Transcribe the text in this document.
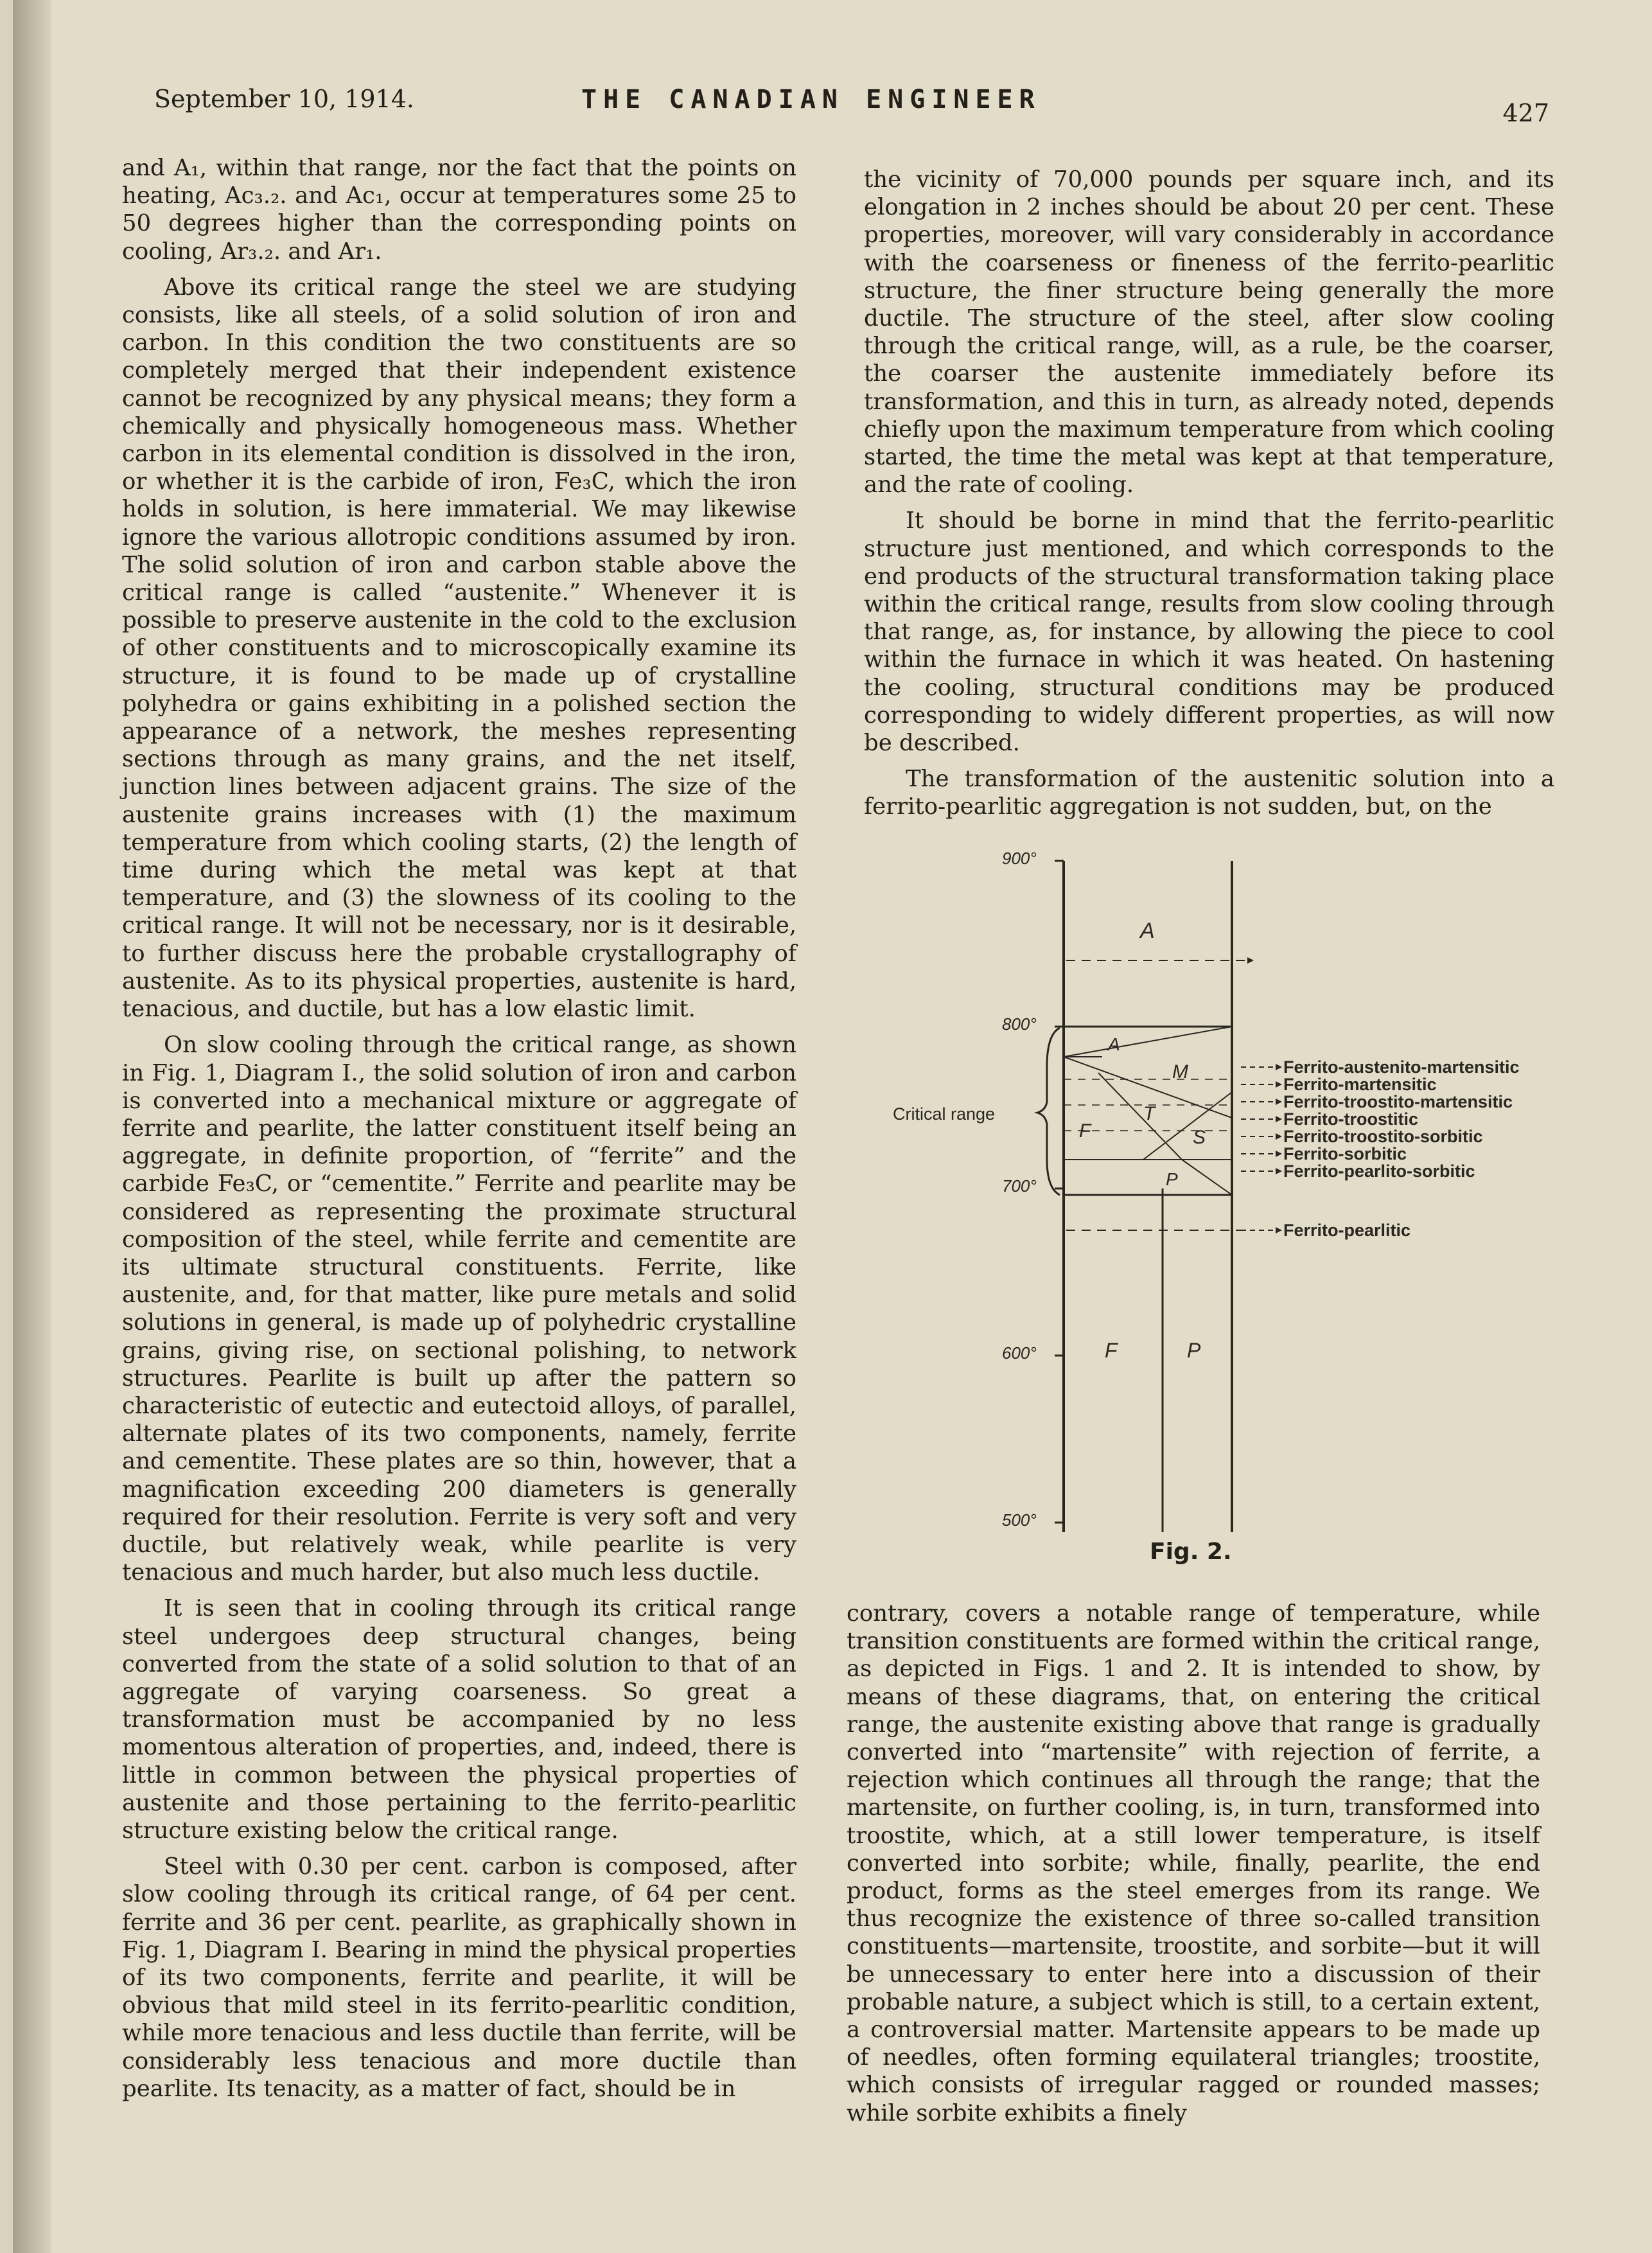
September 10, 1914.	THE CANADIAN ENGINEER	427

and A₁, within that range, nor the fact that the points on heating, Ac₃.₂. and Ac₁, occur at temperatures some 25 to 50 degrees higher than the corresponding points on cooling, Ar₃.₂. and Ar₁.

Above its critical range the steel we are studying consists, like all steels, of a solid solution of iron and carbon. In this condition the two constituents are so completely merged that their independent existence cannot be recognized by any physical means; they form a chemically and physically homogeneous mass. Whether carbon in its elemental condition is dissolved in the iron, or whether it is the carbide of iron, Fe₃C, which the iron holds in solution, is here immaterial. We may likewise ignore the various allotropic conditions assumed by iron. The solid solution of iron and carbon stable above the critical range is called “austenite.” Whenever it is possible to preserve austenite in the cold to the exclusion of other constituents and to microscopically examine its structure, it is found to be made up of crystalline polyhedra or gains exhibiting in a polished section the appearance of a network, the meshes representing sections through as many grains, and the net itself, junction lines between adjacent grains. The size of the austenite grains increases with (1) the maximum temperature from which cooling starts, (2) the length of time during which the metal was kept at that temperature, and (3) the slowness of its cooling to the critical range. It will not be necessary, nor is it desirable, to further discuss here the probable crystallography of austenite. As to its physical properties, austenite is hard, tenacious, and ductile, but has a low elastic limit.

On slow cooling through the critical range, as shown in Fig. 1, Diagram I., the solid solution of iron and carbon is converted into a mechanical mixture or aggregate of ferrite and pearlite, the latter constituent itself being an aggregate, in definite proportion, of “ferrite” and the carbide Fe₃C, or “cementite.” Ferrite and pearlite may be considered as representing the proximate structural composition of the steel, while ferrite and cementite are its ultimate structural constituents. Ferrite, like austenite, and, for that matter, like pure metals and solid solutions in general, is made up of polyhedric crystalline grains, giving rise, on sectional polishing, to network structures. Pearlite is built up after the pattern so characteristic of eutectic and eutectoid alloys, of parallel, alternate plates of its two components, namely, ferrite and cementite. These plates are so thin, however, that a magnification exceeding 200 diameters is generally required for their resolution. Ferrite is very soft and very ductile, but relatively weak, while pearlite is very tenacious and much harder, but also much less ductile.

It is seen that in cooling through its critical range steel undergoes deep structural changes, being converted from the state of a solid solution to that of an aggregate of varying coarseness. So great a transformation must be accompanied by no less momentous alteration of properties, and, indeed, there is little in common between the physical properties of austenite and those pertaining to the ferrito-pearlitic structure existing below the critical range.

Steel with 0.30 per cent. carbon is composed, after slow cooling through its critical range, of 64 per cent. ferrite and 36 per cent. pearlite, as graphically shown in Fig. 1, Diagram I. Bearing in mind the physical properties of its two components, ferrite and pearlite, it will be obvious that mild steel in its ferrito-pearlitic condition, while more tenacious and less ductile than ferrite, will be considerably less tenacious and more ductile than pearlite. Its tenacity, as a matter of fact, should be in

the vicinity of 70,000 pounds per square inch, and its elongation in 2 inches should be about 20 per cent. These properties, moreover, will vary considerably in accordance with the coarseness or fineness of the ferrito-pearlitic structure, the finer structure being generally the more ductile. The structure of the steel, after slow cooling through the critical range, will, as a rule, be the coarser, the coarser the austenite immediately before its transformation, and this in turn, as already noted, depends chiefly upon the maximum temperature from which cooling started, the time the metal was kept at that temperature, and the rate of cooling.

It should be borne in mind that the ferrito-pearlitic structure just mentioned, and which corresponds to the end products of the structural transformation taking place within the critical range, results from slow cooling through that range, as, for instance, by allowing the piece to cool within the furnace in which it was heated. On hastening the cooling, structural conditions may be produced corresponding to widely different properties, as will now be described.

The transformation of the austenitic solution into a ferrito-pearlitic aggregation is not sudden, but, on the

900°
800°
700°
600°
500°
A
A
M
T
F	S
P
F	P
Critical range
Ferrito-austenito-martensitic
Ferrito-martensitic
Ferrito-troostito-martensitic
Ferrito-troostitic
Ferrito-troostito-sorbitic
Ferrito-sorbitic
Ferrito-pearlito-sorbitic
Ferrito-pearlitic
Fig. 2.

contrary, covers a notable range of temperature, while transition constituents are formed within the critical range, as depicted in Figs. 1 and 2. It is intended to show, by means of these diagrams, that, on entering the critical range, the austenite existing above that range is gradually converted into “martensite” with rejection of ferrite, a rejection which continues all through the range; that the martensite, on further cooling, is, in turn, transformed into troostite, which, at a still lower temperature, is itself converted into sorbite; while, finally, pearlite, the end product, forms as the steel emerges from its range. We thus recognize the existence of three so-called transition constituents—martensite, troostite, and sorbite—but it will be unnecessary to enter here into a discussion of their probable nature, a subject which is still, to a certain extent, a controversial matter. Martensite appears to be made up of needles, often forming equilateral triangles; troostite, which consists of irregular ragged or rounded masses; while sorbite exhibits a finely
